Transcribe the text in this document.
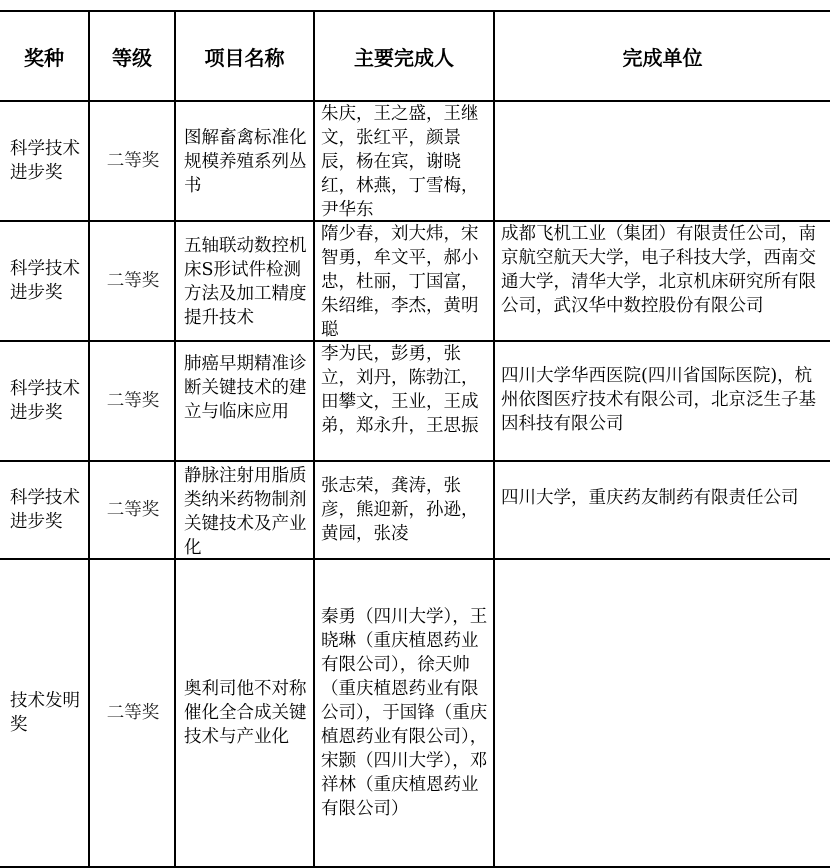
奖种	等级	项目名称	主要完成人	完成单位

科学技术进步奖	二等奖	图解畜禽标准化规模养殖系列丛书	朱庆，王之盛，王继文，张红平，颜景辰，杨在宾，谢晓红，林燕，丁雪梅，尹华东	

科学技术进步奖	二等奖	五轴联动数控机床S形试件检测方法及加工精度提升技术	隋少春，刘大炜，宋智勇，牟文平，郝小忠，杜丽，丁国富，朱绍维，李杰，黄明聪	成都飞机工业（集团）有限责任公司，南京航空航天大学，电子科技大学，西南交通大学，清华大学，北京机床研究所有限公司，武汉华中数控股份有限公司

科学技术进步奖	二等奖	肺癌早期精准诊断关键技术的建立与临床应用	李为民，彭勇，张立，刘丹，陈勃江，田攀文，王业，王成弟，郑永升，王思振	四川大学华西医院(四川省国际医院)，杭州依图医疗技术有限公司，北京泛生子基因科技有限公司

科学技术进步奖	二等奖	静脉注射用脂质类纳米药物制剂关键技术及产业化	张志荣，龚涛，张彦，熊迎新，孙逊，黄园，张凌	四川大学，重庆药友制药有限责任公司

技术发明奖	二等奖	奥利司他不对称催化全合成关键技术与产业化	秦勇（四川大学），王晓琳（重庆植恩药业有限公司），徐天帅（重庆植恩药业有限公司），于国锋（重庆植恩药业有限公司），宋颢（四川大学），邓祥林（重庆植恩药业有限公司）	
